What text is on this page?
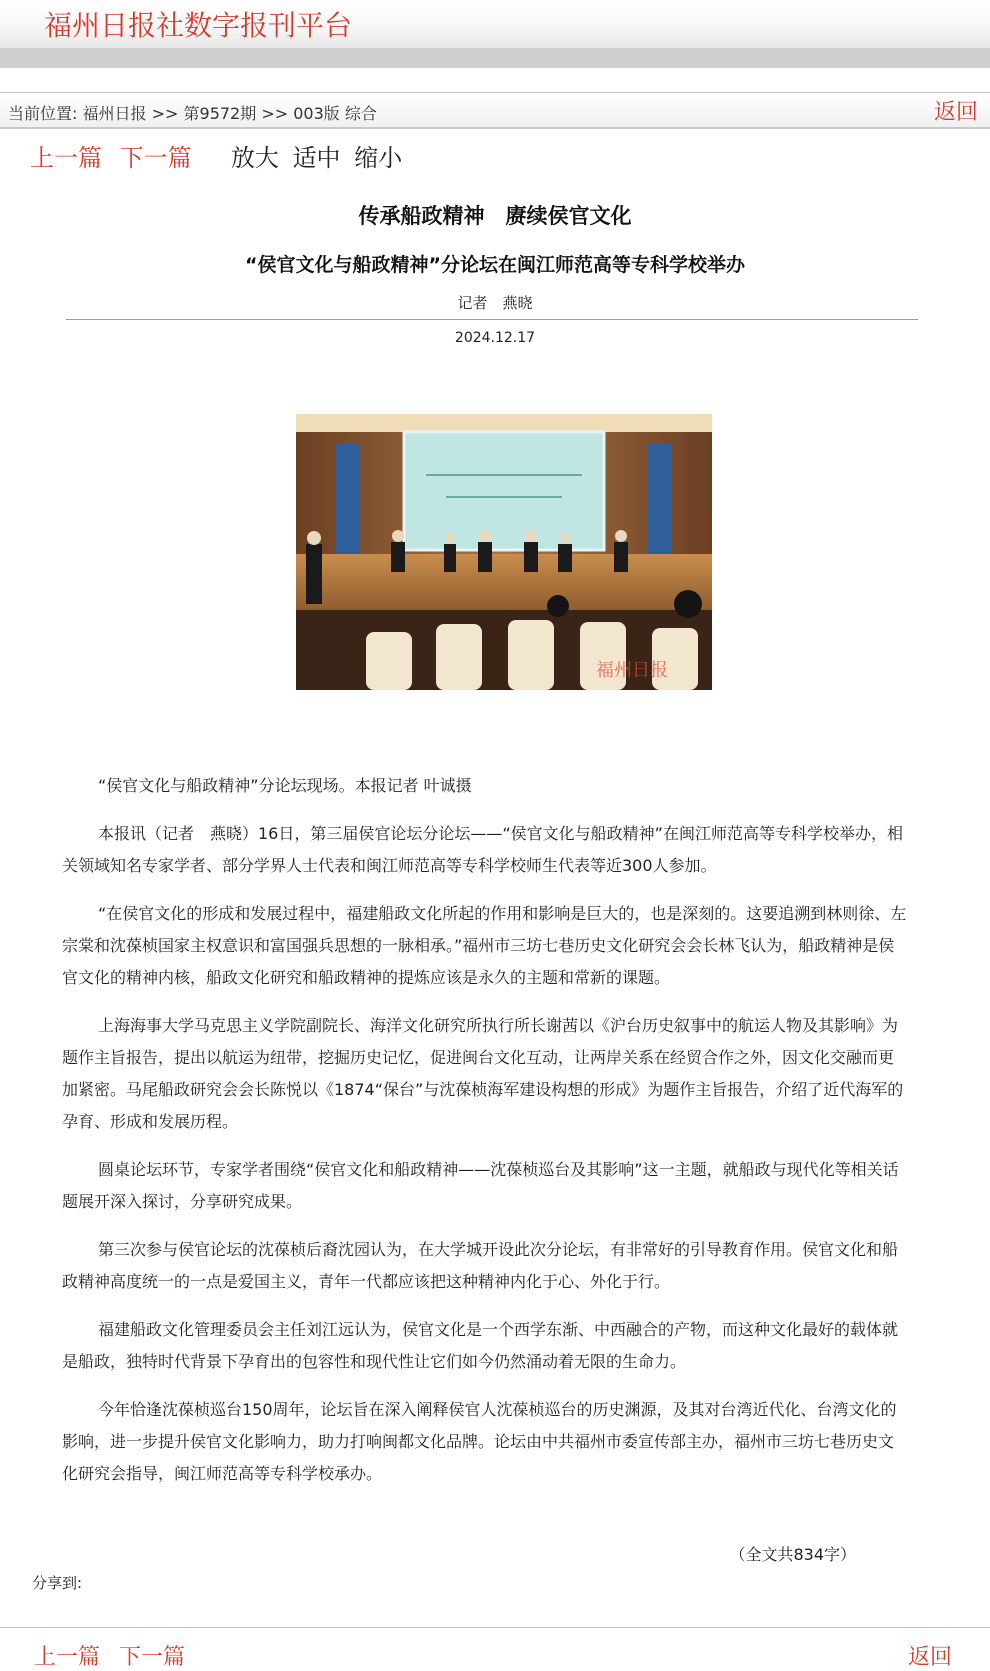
福州日报社数字报刊平台
当前位置: 福州日报 >> 第9572期 >> 003版 综合	返回
上一篇 下一篇 放大 适中 缩小
传承船政精神　赓续侯官文化
“侯官文化与船政精神”分论坛在闽江师范高等专科学校举办
记者　燕晓
2024.12.17
福州日报

“侯官文化与船政精神”分论坛现场。本报记者 叶诚摄

本报讯（记者　燕晓）16日，第三届侯官论坛分论坛——“侯官文化与船政精神”在闽江师范高等专科学校举办，相关领域知名专家学者、部分学界人士代表和闽江师范高等专科学校师生代表等近300人参加。

“在侯官文化的形成和发展过程中，福建船政文化所起的作用和影响是巨大的，也是深刻的。这要追溯到林则徐、左宗棠和沈葆桢国家主权意识和富国强兵思想的一脉相承。”福州市三坊七巷历史文化研究会会长林飞认为，船政精神是侯官文化的精神内核，船政文化研究和船政精神的提炼应该是永久的主题和常新的课题。

上海海事大学马克思主义学院副院长、海洋文化研究所执行所长谢茜以《沪台历史叙事中的航运人物及其影响》为题作主旨报告，提出以航运为纽带，挖掘历史记忆，促进闽台文化互动，让两岸关系在经贸合作之外，因文化交融而更加紧密。马尾船政研究会会长陈悦以《1874“保台”与沈葆桢海军建设构想的形成》为题作主旨报告，介绍了近代海军的孕育、形成和发展历程。

圆桌论坛环节，专家学者围绕“侯官文化和船政精神——沈葆桢巡台及其影响”这一主题，就船政与现代化等相关话题展开深入探讨，分享研究成果。

第三次参与侯官论坛的沈葆桢后裔沈园认为，在大学城开设此次分论坛，有非常好的引导教育作用。侯官文化和船政精神高度统一的一点是爱国主义，青年一代都应该把这种精神内化于心、外化于行。

福建船政文化管理委员会主任刘江远认为，侯官文化是一个西学东渐、中西融合的产物，而这种文化最好的载体就是船政，独特时代背景下孕育出的包容性和现代性让它们如今仍然涌动着无限的生命力。

今年恰逢沈葆桢巡台150周年，论坛旨在深入阐释侯官人沈葆桢巡台的历史渊源，及其对台湾近代化、台湾文化的影响，进一步提升侯官文化影响力，助力打响闽都文化品牌。论坛由中共福州市委宣传部主办，福州市三坊七巷历史文化研究会指导，闽江师范高等专科学校承办。

（全文共834字）
分享到:
上一篇 下一篇	返回
